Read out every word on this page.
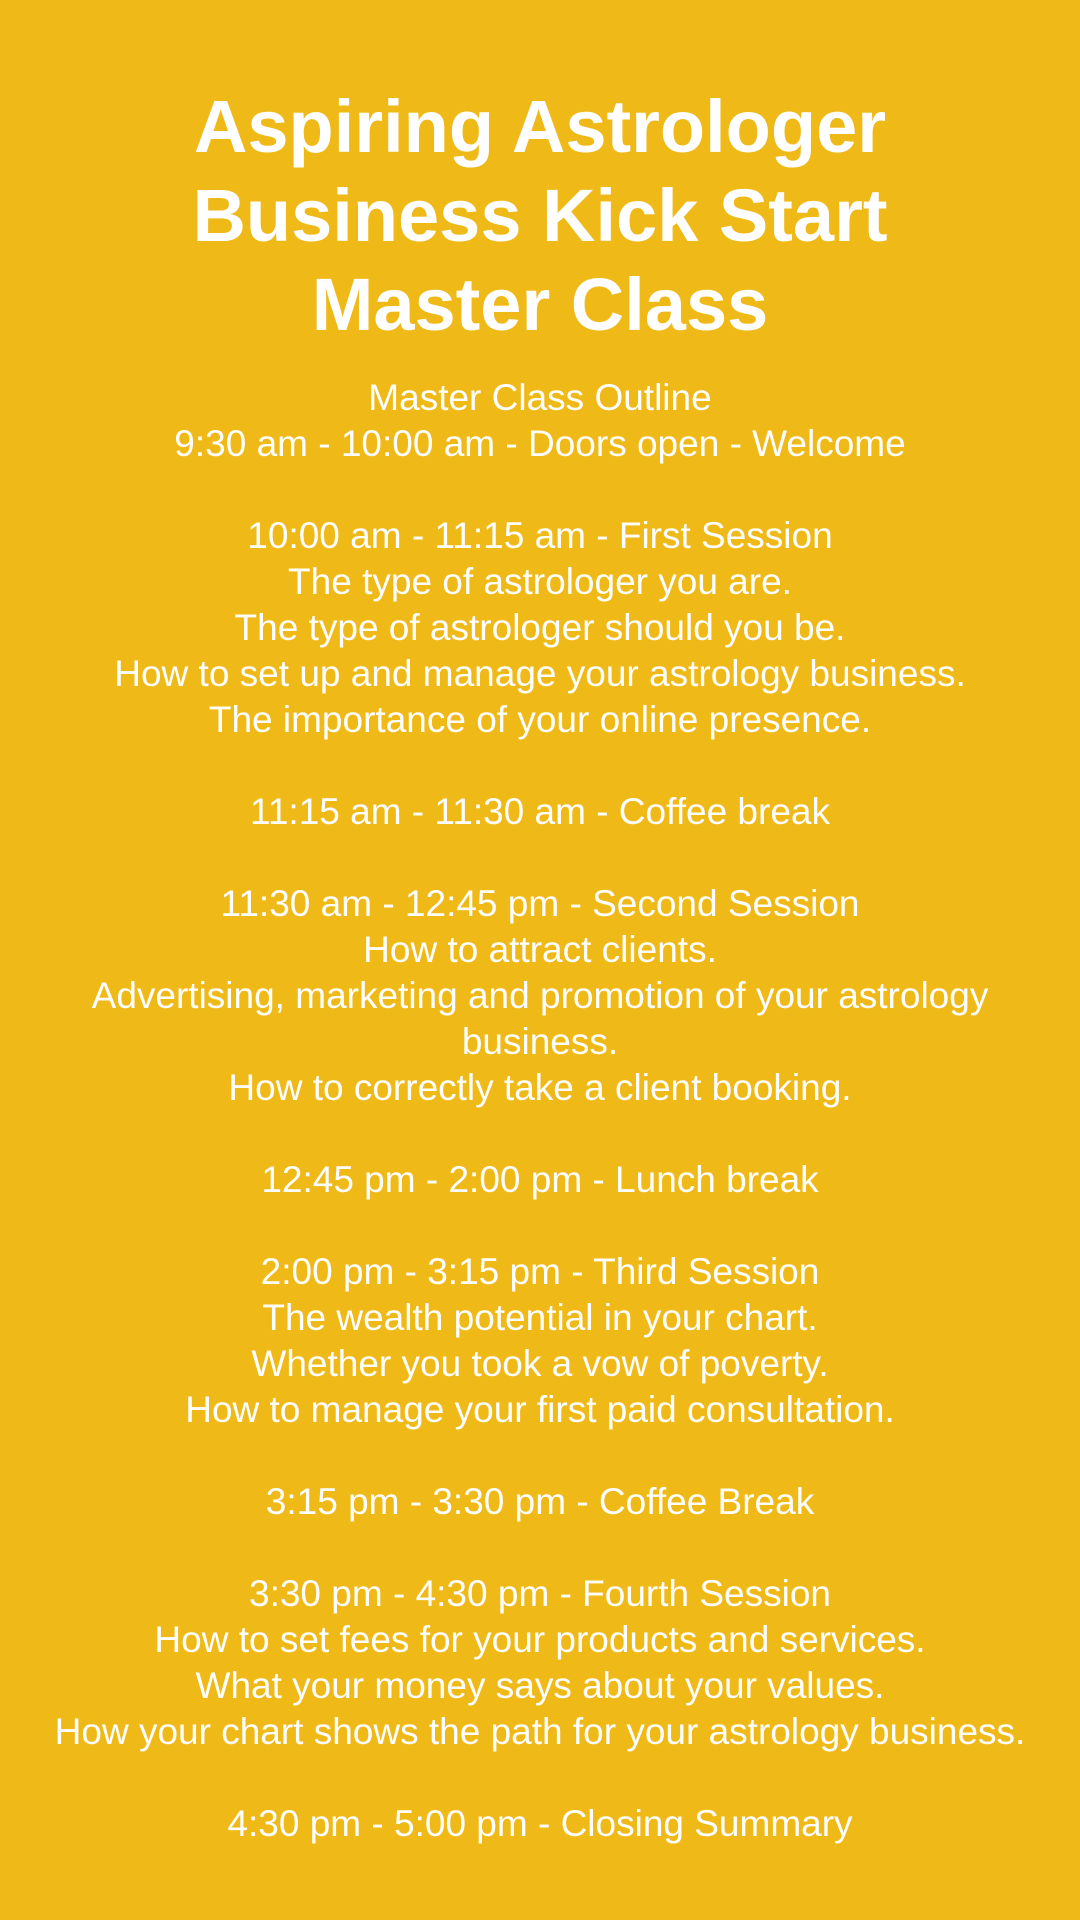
Aspiring Astrologer
Business Kick Start
Master Class
Master Class Outline
9:30 am - 10:00 am - Doors open - Welcome
10:00 am - 11:15 am - First Session
The type of astrologer you are.
The type of astrologer should you be.
How to set up and manage your astrology business.
The importance of your online presence.
11:15 am - 11:30 am - Coffee break
11:30 am - 12:45 pm - Second Session
How to attract clients.
Advertising, marketing and promotion of your astrology business.
How to correctly take a client booking.
12:45 pm - 2:00 pm - Lunch break
2:00 pm - 3:15 pm - Third Session
The wealth potential in your chart.
Whether you took a vow of poverty.
How to manage your first paid consultation.
3:15 pm - 3:30 pm - Coffee Break
3:30 pm - 4:30 pm - Fourth Session
How to set fees for your products and services.
What your money says about your values.
How your chart shows the path for your astrology business.
4:30 pm - 5:00 pm - Closing Summary
